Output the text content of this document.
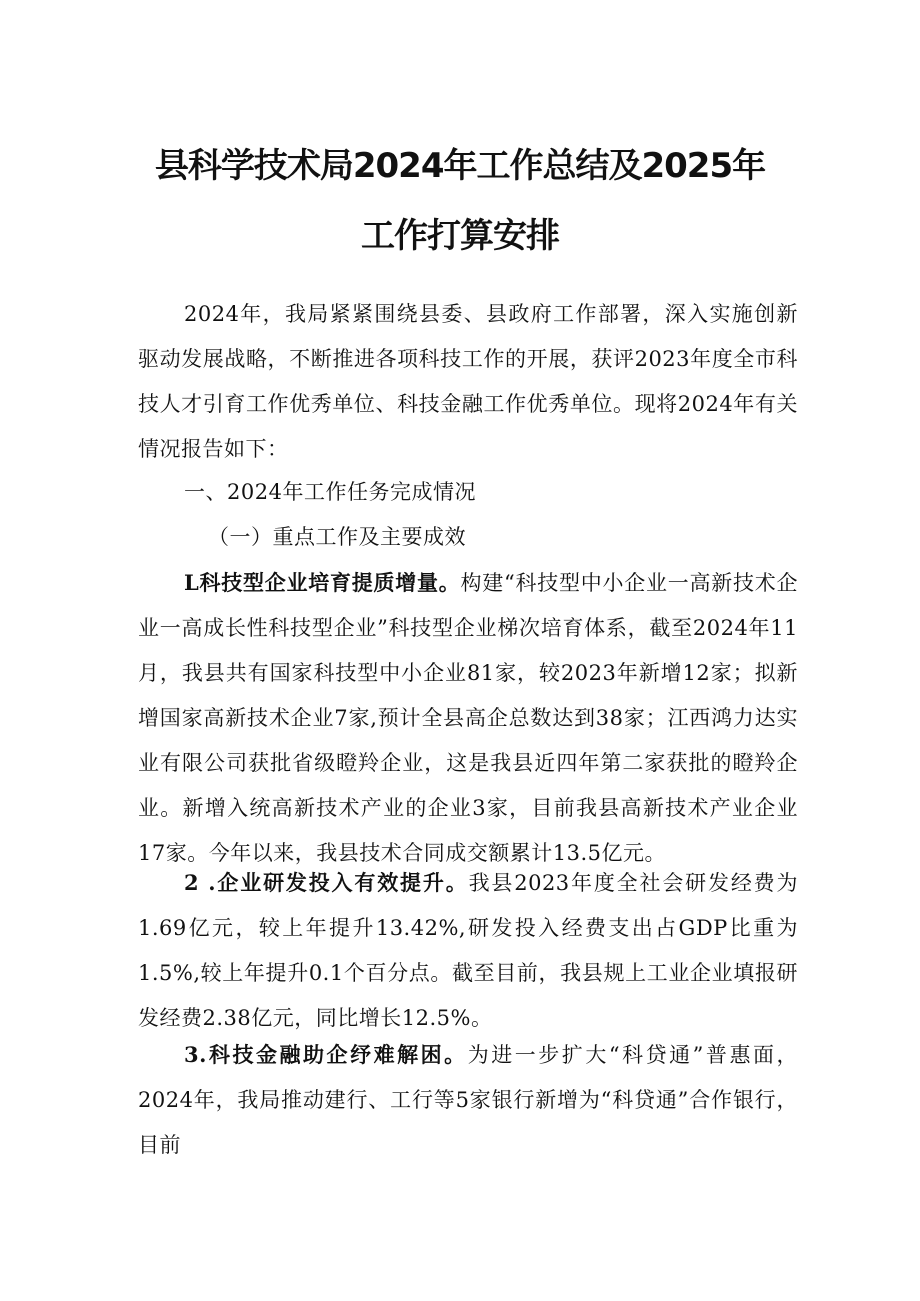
县科学技术局2024年工作总结及2025年
工作打算安排

2024年，我局紧紧围绕县委、县政府工作部署，深入实施创新驱动发展战略，不断推进各项科技工作的开展，获评2023年度全市科技人才引育工作优秀单位、科技金融工作优秀单位。现将2024年有关情况报告如下：

一、2024年工作任务完成情况

（一）重点工作及主要成效

L科技型企业培育提质增量。构建“科技型中小企业一高新技术企业一高成长性科技型企业”科技型企业梯次培育体系，截至2024年11月，我县共有国家科技型中小企业81家，较2023年新增12家；拟新增国家高新技术企业7家,预计全县高企总数达到38家；江西鸿力达实业有限公司获批省级瞪羚企业，这是我县近四年第二家获批的瞪羚企业。新增入统高新技术产业的企业3家，目前我县高新技术产业企业17家。今年以来，我县技术合同成交额累计13.5亿元。

2 .企业研发投入有效提升。我县2023年度全社会研发经费为1.69亿元，较上年提升13.42%,研发投入经费支出占GDP比重为1.5%,较上年提升0.1个百分点。截至目前，我县规上工业企业填报研发经费2.38亿元，同比增长12.5%。

3.科技金融助企纾难解困。为进一步扩大“科贷通”普惠面，2024年，我局推动建行、工行等5家银行新增为“科贷通”合作银行，目前
